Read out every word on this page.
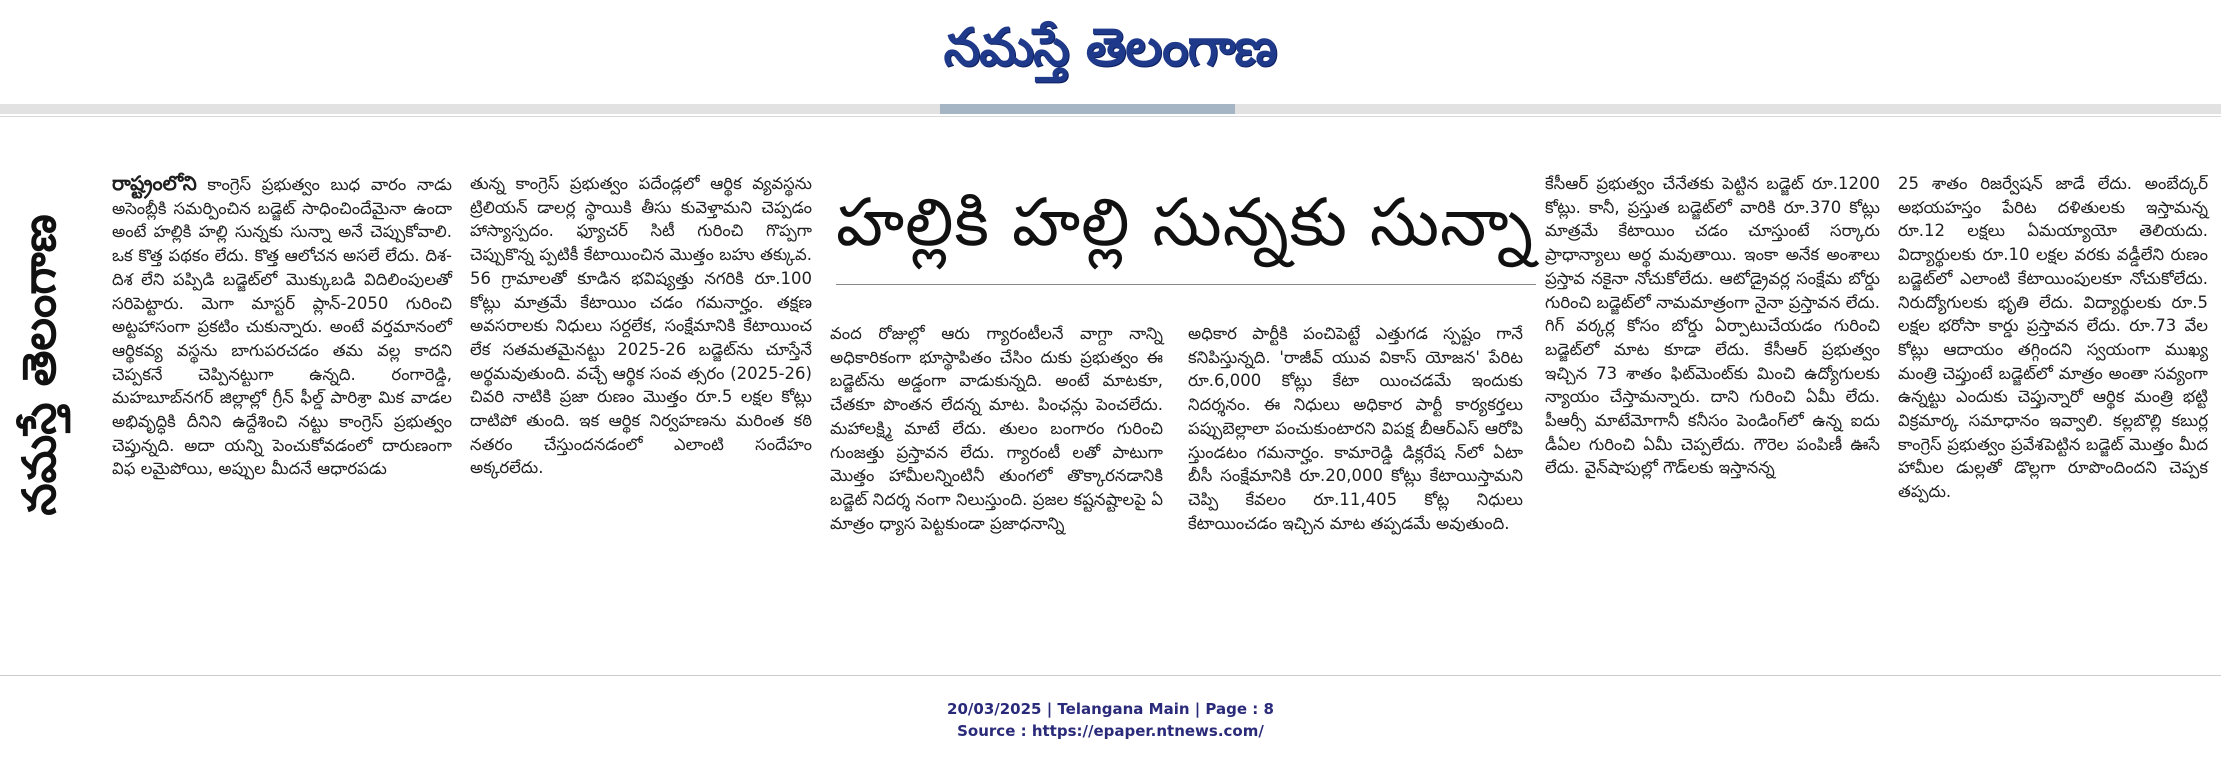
నమస్తే తెలంగాణ
నమస్తే తెలంగాణ

రాష్ట్రంలోని కాంగ్రెస్ ప్రభుత్వం బుధ వారం నాడు అసెంబ్లీకి సమర్పించిన బడ్జెట్ సాధించిందేమైనా ఉందా అంటే హల్లికి హల్లి సున్నకు సున్నా అనే చెప్పుకోవాలి. ఒక కొత్త పథకం లేదు. కొత్త ఆలోచన అసలే లేదు. దిశ-దిశ లేని పప్పిడి బడ్జెట్‌లో మొక్కుబడి విదిలింపులతో సరిపెట్టారు. మెగా మాస్టర్ ప్లాన్-2050 గురించి అట్టహాసంగా ప్రకటిం చుకున్నారు. అంటే వర్తమానంలో ఆర్థికవ్య వస్థను బాగుపరచడం తమ వల్ల కాదని చెప్పకనే చెప్పినట్టుగా ఉన్నది. రంగారెడ్డి, మహబూబ్‌నగర్ జిల్లాల్లో గ్రీన్ ఫీల్డ్ పారిశ్రా మిక వాడల అభివృద్ధికి దీనిని ఉద్దేశించి నట్టు కాంగ్రెస్ ప్రభుత్వం చెప్తున్నది. అదా యన్ని పెంచుకోవడంలో దారుణంగా విఫ లమైపోయి, అప్పుల మీదనే ఆధారపడు

తున్న కాంగ్రెస్ ప్రభుత్వం పదేండ్లలో ఆర్థిక వ్యవస్థను ట్రిలియన్ డాలర్ల స్థాయికి తీసు కువెళ్తామని చెప్పడం హాస్యాస్పదం. ఫ్యూచర్ సిటీ గురించి గొప్పగా చెప్పుకొన్న ప్పటికీ కేటాయించిన మొత్తం బహు తక్కువ. 56 గ్రామాలతో కూడిన భవిష్యత్తు నగరికి రూ.100 కోట్లు మాత్రమే కేటాయిం చడం గమనార్హం. తక్షణ అవసరాలకు నిధులు సర్దలేక, సంక్షేమానికి కేటాయించ లేక సతమతమైనట్టు 2025-26 బడ్జెట్‌ను చూస్తేనే అర్థమవుతుంది. వచ్చే ఆర్థిక సంవ త్సరం (2025-26) చివరి నాటికి ప్రజా రుణం మొత్తం రూ.5 లక్షల కోట్లు దాటిపో తుంది. ఇక ఆర్థిక నిర్వహణను మరింత కఠి నతరం చేస్తుందనడంలో ఎలాంటి సందేహం అక్కరలేదు.

హల్లికి హల్లి సున్నకు సున్నా

వంద రోజుల్లో ఆరు గ్యారంటీలనే వాగ్దా నాన్ని అధికారికంగా భూస్థాపితం చేసిం దుకు ప్రభుత్వం ఈ బడ్జెట్‌ను అడ్డంగా వాడుకున్నది. అంటే మాటకూ, చేతకూ పొంతన లేదన్న మాట. పింఛన్లు పెంచలేదు. మహాలక్ష్మి మాటే లేదు. తులం బంగారం గురించి గుంజత్తు ప్రస్తావన లేదు. గ్యారంటీ లతో పాటుగా మొత్తం హామీలన్నింటినీ తుంగలో తొక్కారనడానికి బడ్జెట్ నిదర్శ నంగా నిలుస్తుంది. ప్రజల కష్టనష్టాలపై ఏ మాత్రం ధ్యాస పెట్టకుండా ప్రజాధనాన్ని

అధికార పార్టీకి పంచిపెట్టే ఎత్తుగడ స్పష్టం గానే కనిపిస్తున్నది. 'రాజీవ్ యువ వికాస్ యోజన' పేరిట రూ.6,000 కోట్లు కేటా యించడమే ఇందుకు నిదర్శనం. ఈ నిధులు అధికార పార్టీ కార్యకర్తలు పప్పుబెల్లాలా పంచుకుంటారని విపక్ష బీఆర్‌ఎస్ ఆరోపి స్తుండటం గమనార్హం. కామారెడ్డి డిక్లరేష న్‌లో ఏటా బీసీ సంక్షేమానికి రూ.20,000 కోట్లు కేటాయిస్తామని చెప్పి కేవలం రూ.11,405 కోట్ల నిధులు కేటాయించడం ఇచ్చిన మాట తప్పడమే అవుతుంది.

కేసీఆర్ ప్రభుత్వం చేనేతకు పెట్టిన బడ్జెట్ రూ.1200 కోట్లు. కానీ, ప్రస్తుత బడ్జెట్‌లో వారికి రూ.370 కోట్లు మాత్రమే కేటాయిం చడం చూస్తుంటే సర్కారు ప్రాధాన్యాలు అర్థ మవుతాయి. ఇంకా అనేక అంశాలు ప్రస్తావ నకైనా నోచుకోలేదు. ఆటోడ్రైవర్ల సంక్షేమ బోర్డు గురించి బడ్జెట్‌లో నామమాత్రంగా నైనా ప్రస్తావన లేదు. గిగ్ వర్కర్ల కోసం బోర్డు ఏర్పాటుచేయడం గురించి బడ్జెట్‌లో మాట కూడా లేదు. కేసీఆర్ ప్రభుత్వం ఇచ్చిన 73 శాతం ఫిట్‌మెంట్‌కు మించి ఉద్యోగులకు న్యాయం చేస్తామన్నారు. దాని గురించి ఏమీ లేదు. పీఆర్సీ మాటేమోగానీ కనీసం పెండింగ్‌లో ఉన్న ఐదు డీఏల గురించి ఏమీ చెప్పలేదు. గౌరెల పంపిణీ ఊసే లేదు. వైన్‌షాపుల్లో గౌడ్‌లకు ఇస్తానన్న

25 శాతం రిజర్వేషన్ జాడే లేదు. అంబేద్కర్ అభయహస్తం పేరిట దళితులకు ఇస్తామన్న రూ.12 లక్షలు ఏమయ్యాయో తెలియదు. విద్యార్థులకు రూ.10 లక్షల వరకు వడ్డీలేని రుణం బడ్జెట్‌లో ఎలాంటి కేటాయింపులకూ నోచుకోలేదు. నిరుద్యోగులకు భృతి లేదు. విద్యార్థులకు రూ.5 లక్షల భరోసా కార్డు ప్రస్తావన లేదు. రూ.73 వేల కోట్లు ఆదాయం తగ్గిందని స్వయంగా ముఖ్య మంత్రి చెప్తుంటే బడ్జెట్‌లో మాత్రం అంతా సవ్యంగా ఉన్నట్టు ఎందుకు చెప్తున్నారో ఆర్థిక మంత్రి భట్టి విక్రమార్క సమాధానం ఇవ్వాలి. కల్లబొల్లి కబుర్ల కాంగ్రెస్ ప్రభుత్వం ప్రవేశపెట్టిన బడ్జెట్ మొత్తం మీద హామీల డుల్లతో డొల్లగా రూపొందిందని చెప్పక తప్పదు.

20/03/2025 | Telangana Main | Page : 8
Source : https://epaper.ntnews.com/
